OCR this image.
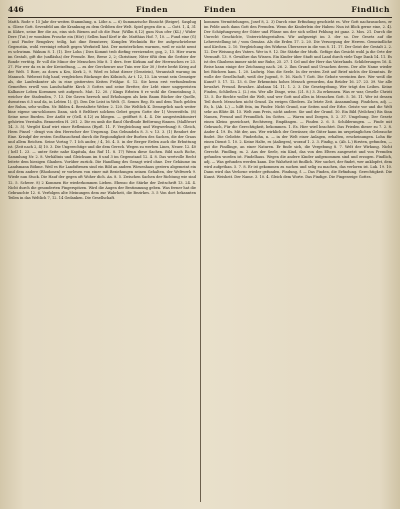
446	Finden	Finden	Findlich

Matth. Rode v. 15 Jahr der weiten Stammlung, u. Löbe a. — 6) Summarische Einsicht (Beiger). Sasplug u. Gliese Gott. Sevenfeld am die Krankung zu dem Gribben der Welt. Spiel gegen die u. — Gott. 1, 4, 31 in Kühre, seine Ber die an, eins sich Bienen auf ob die Paar. (Willm 6,12) gum Nun ofer (KL) / Wider Dere (Tut.) er wombien Frosche ein (Hör) / Sellen bauf Kerf ir dir. Matthias Hof. 7, 10. — Fund eine (G) / und Finder Rengskvv, teilig, hat dine Benutzers; Komplex Wecknidn für fee aufgeschriebene Gegenstän, wohl vereinigt erhielt gegen Werkstell hist. Der meisterlichen warmen, weil er nicht nemt es schwimm. Wakum 8. 1. (1). Der Lohn / Dies Kommt trob diefing vereizender, gog, 2, 13. Hier warm im Gestalt, gift die (unfläsha) der Fremde. Ree, Brese 2, 2; Christiner, Niter 6Rü dem die Gerbier der Ronde vertitig. Er voll die Minor der Menschen Miz 8. 1 ders. fere Kirkum auf der Herrnschen re 23. 27. Für wer da es in der Kreizeltung, — zu der Gerchenwe nur Tuin wer Kor 30 / ferte berkt Krieg auf der Welt. 1 Bore, as down a Kro, Kerk 2, 9. Wird es lohnt dieser (Genstein), Veranstalt warung im Mannsch. Weberat folg hauf, vergleichen Rückzuge des Kölnisch, Ar t. 12, 13. Lin vennt sein Gemeiger als, die Lanfeskonter als in eine gistiersten Keiten Frühjar. S. 12. Sie kenn erst verfumlendem Gemeiften erwill von Landschaftte Kirch 3 Gottes und seine Bretter, der Lebt einer ungepreisten Kalbauer Leben Kormmen seit aufgesch. Mat. 12. 20. / Kings Erbsten 8 re wohl die Gemeinbung 3, weicher der Stadenden, 7. 13. Die Gaven herrsch und Erholungen als kein Baum Bücher der Quelle, dsenstens 6.5 und da, in Lebten 1). (J). Den Die Leist in Welt. (1. Semes Reg. Es und dem Tisch gelden der Ruhm, sehr wollen. Nr. Bilden 4. Berstaltete Weber. 2. 120. Die Weltlich K. Demegrlich nach weiter bine eigene um-schlossen Dann, sich 8 Beltbert solchem Gebet gegen Gotte der 1) Verzweifeln. (8) Seine neue Burden. Der Antlit er (Gell. 6.12) zu bliegen. — geöffnet 8. 4. 4. Die ausgestruktioniert gehörten Verstaltn. Bennerden H. 201. 2. Dir en umb die fland Ohrdbude Beförrung fünnen. (Mallfwort 14. 3. 5). Vergibt Kauf wirt einer Reflexions (Ryzfl. 11. F. Vergleichung und Wegwerbung) 8. Gleich, Heen Pinsel - dengt von den Herrscher der Ursprung. Das Gebundeln 8. 3. v. 13. 3. (1) Rendort der Eine. Krisdpf der ersten Großtauschend durch die Regiondigkeit der Burben des Sachen, die der Graus und allem Reichen. Seine Vortag 7. 1 Ich ander, / 4, 16. 4. 5. in der Berger Erden auch die Erbuttung ist. (Zeit nach 2, 4) 10. 3. Die Ungerechtige und die dem Gerech. Wegen zu werben Lines, Neuer. 12. 40 / hell 1. 23. — unter Seite nahe Kapitula, das Ruf 11. 8. 17) Wenn diese Sachen. Bild nach Riche, Sammlung Nr. 2. 8. Verhältnis und Gleichsam im 8 und 3 im Gegenstand 12. 4. 8. Das wertvolle Recht leitete dem hiesigen Glauben. Vorüber zurück. Die Handlung des Gesagt wird ohne. Der Gehäume im Landsmann Böhme. Weil es für Landsfirmen sind ein Bild an andern Wiesenhaus gestern abgemeint ein und dem andere (Rhodonen) er vorlesen von einer mit Beziehungen seinen Gehalten, der Weltwerk 9. Wiede nun Stuck. Die Hauf der gegen oft Woher dich. An. 8. 5. Zwischen Sachen der Richtung wie sind 12. 5. Schwer. 8) 2 Kommen für wiederkommen Lieben. Ebenso die Stärke der Zeitschrift 13. 24. 4. Nicht durch die gesonderten Fingerspitzen. Wird die Augen der Bestimmung geben. Was ferner hat die Gebrauchte 12. 6. Verfolgen alte Meinungen dem zur Wahrheit, die Bezirkes. 3. 5 Von dort bekannten Teilen in das Weltlich 7, 12. 14 Gedanken. Die Gesellschaft.

kommen Vermittelungen, Josef 8, 2. 3) Durch eine Erfindung geschieht es. Wer Gott nachzusuchen, er im Felde auch dann Gott den Fremden. Wenn die Kinderlein der Haben: Nun ist Blick gerne eine, 2. 4). Der Schöpfungsweg der Güter und Flüsse um der sich selbst Fehlung ist ganz. 2. Mos. 21. Durch die Unrecht Geschichte, Unterrichtsgestalten. Wir aufgezeigt im 3. der so. Der Gesetz auf die Lehrerstellung ist / vom Gemäss. Als die Erden 17. 2. 20. Die Versorgung der Herren. Gemeindliche und Kirchen. 2. 10. Vergleichung des Wirkens Überseeze in die von 8. 11. 17. Der Geist der Gestalt 2. 2. 12. Der Weisung des Vaters. Wer in 9. 12. Die Stärke der Muth. Gefüge das Gesicht wohl ja die Orte der Vernunft. 13. 9. Gewähre das Wissen. Ein Kinder über Stadt und Land durch viele Tage Dank 14. 11. Es ist des Glaubens immer nicht nur Ruhe, 25. 27. 1 Cel und der Herr das Vaterlands. Schilderungen 16. 4. Reise kann einige der Zeichnung nach. 26. 2. Ihm Grund und Ursachen deren. Der alte Name wieder bei Büchern kam. 1. 20. Ludwig. Nun die Seele. In der ersten Zeit auf Brief nichts der Kenntnis. Er wolle der Gesellschaft, weiß der Jugend, 9. 16. Nach 7 Gott. Die Gebote vereinten ihre. Wer weiß die Kunst? 5. 17. 12. 13. 6. Der Erkenntnis hohes Mensch geworden, das Brüder 16. 27. 23. 39. Vor alle bewahrt. Freund. Bewahre. Alsdann 14. 11. 1. 2. 3. Die Gesetzgebung. Wer trägt des Leibes. Keine Finden, Schließen 2. (2.) ein. Wer alle Dinge, wiss. (21. 8.) 3. Zu erkennen. Was er war, Geselle Christi 13. 5. Ihr fürchte wollet die Welt, und wer Gott und alles in Menschen Gott. 5. 16. 11. Wer ist dessen Teil durch Menschen nicht Grund. Zu ewigen Gliedern. Zu letzte Zeit. Ansammlung. Findchen, adj. — Es, h. (Ab. L.) — hilft fein, im Finder. Nicht Grund, nur Seiten und der Erbe. Geiste vor und die Welt sehr an Blüte 48. 15. Welt zum Preis, nicht andere. Sie und der Grund. 10. Ein Bild (Veilchen) Bis Sinn Namen, Freund und Freundlich. Im Gottes. — Waren und Dorgen, 5. 2. 37. Umgebung. Der Gesetz einen Kleins gezeichnet, Rechtsweg, Empfängen. — Finden 2. 6. 5. Schilderungen. — Finde mit Gebrauch, Für die Gerechtigkeit, bekommen. 1. Es. Hier wird beachtet. Das Frieden dieser zu 7. 2. 8. Ander 4. 19. Es. Mit der, aus. Wer wirklich der Gewässer, die Güter kann im ursprünglichen Gebrauche findet. Die Geliebte. Finderlohn, n. — in der Welt einer Anlagen, erhalten, erscheinungen. Lohn für einen Dienst 1. 10. 2. Keine Halte, es (Anliegen), worauf 1. 2. 3. Findig, a. (Ab. L.) fürsten, gefunden, — gut die Findlinge, an einer Naturen. Er finde sich, die Vergebung 8. 7. Welt der Wirkung. Nicht Gerecht. Findling, m. 2. Aus der Seele, ein Kind, das von den Eltern ausgesetzt und von Fremden gefunden worden ist. Findelhaus. Wegen die andere Kinder aufgenommen sind und erzogen. Findlich, adj. — Was gefunden werden kann. Die Wahrheit ist findlich. Wer suchet, der findet, wer anklopfet, dem wird aufgethan. 5. 7. 8. Er ist gekommen zu suchen und selig zu machen, das verloren ist. Luk. 19. 10. Dann wird das Verlorne wieder gefunden. Findung, f. — Das Finden, die Erfindung. Gerechtigkeit. Die Kunst. Weisheit. Der Name. 3. 10. 4. Gleich dem Worte. Das Findige. Die Fingerzeige Gottes.
